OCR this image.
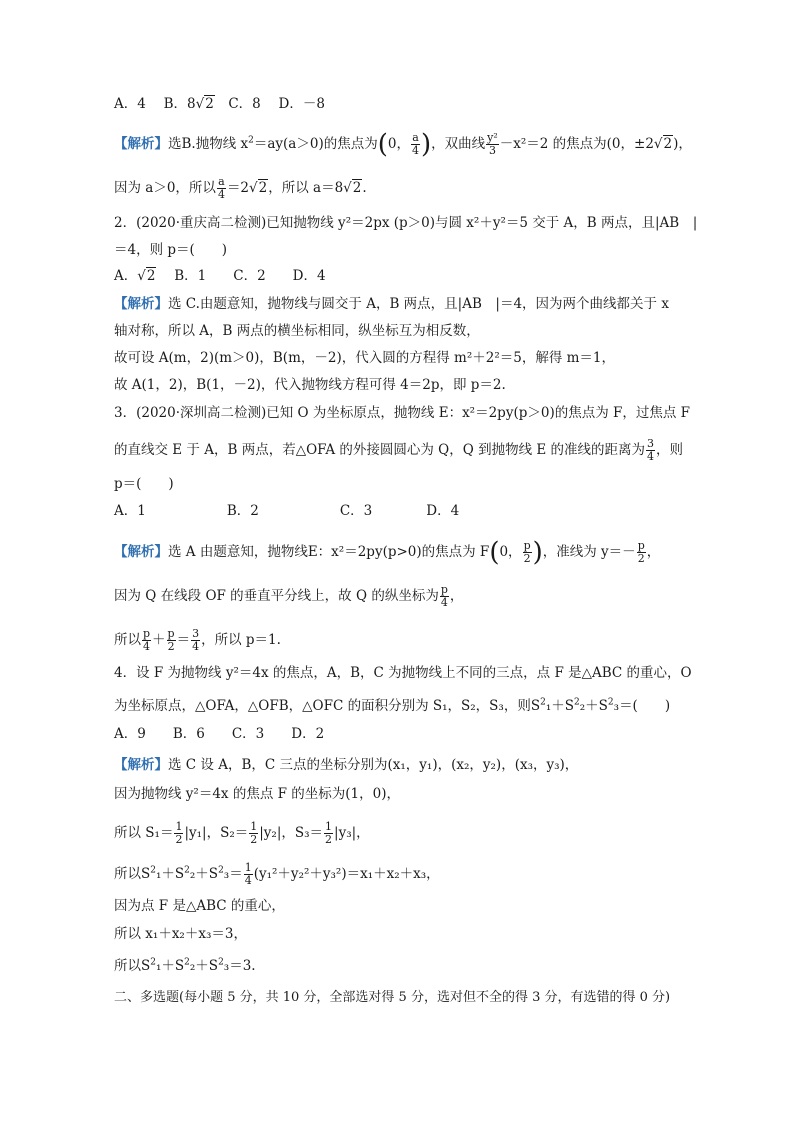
A．4　 B．8√2　C．8　 D．－8
【解析】选B.抛物线 $x^2=ay(a>0)$的焦点为(0， $\frac{a}{4}$ )，双曲线 $\frac{\text{y²}}{3} -x^2=2$ 的焦点为(0，±2√2)，
因为 a＞0，所以 $\frac{a}{4} =2√2$，所以 a＝8√2.
2．(2020·重庆高二检测)已知抛物线 y²＝2px (p＞0)与圆 x²＋y²＝5 交于 A，B 两点，且|AB　|
＝4，则 p＝(　　)
A．√2　 B．1　　C．2　　D．4
【解析】选 C.由题意知，抛物线与圆交于 A，B 两点，且|AB　|＝4，因为两个曲线都关于 x
轴对称，所以 A，B 两点的横坐标相同，纵坐标互为相反数，
故可设 A(m，2)(m＞0)，B(m，－2)，代入圆的方程得 m²＋2²＝5，解得 m＝1，
故 A(1，2)，B(1，－2)，代入抛物线方程可得 4＝2p，即 p＝2.
3．(2020·深圳高二检测)已知 O 为坐标原点，抛物线 E：x²＝2py(p＞0)的焦点为 F，过焦点 F
的直线交 E 于 A，B 两点，若△OFA 的外接圆圆心为 Q，Q 到抛物线 E 的准线的距离为 $\frac{3}{4}$ ，则
p＝(　　)
A．1　　　　　　B．2　　　　　　C．3　　　　D．4
【解析】选 A 由题意知，抛物线E：x²＝2py(p>0)的焦点为 F(0， $\frac{p}{2}$ )，准线为 $y=- \frac{p}{2}$ ，
因为 Q 在线段 OF 的垂直平分线上，故 Q 的纵坐标为 $\frac{p}{4}$ ，
所以 $\frac{p}{4} + \frac{p}{2} = \frac{3}{4}$ ，所以 p＝1.
4．设 F 为抛物线 y²＝4x 的焦点，A，B，C 为抛物线上不同的三点，点 F 是△ABC 的重心，O
为坐标原点，△OFA，△OFB，△OFC 的面积分别为 S₁，S₂，S₃，则$S^2_1+S^2_2+S^2_3=$(　　)
A．9　　B．6　　C．3　　D．2
【解析】选 C 设 A，B，C 三点的坐标分别为(x₁，y₁)，(x₂，y₂)，(x₃，y₃)，
因为抛物线 y²＝4x 的焦点 F 的坐标为(1，0)，
所以 $S_1= \frac{1}{2} |y_1|$，$S_2= \frac{1}{2} |y_2|$，$S_3= \frac{1}{2} |y_3|$，
所以$S^2_1+S^2_2+S^2_3= \frac{1}{4} (y_1^2+y_2^2+y_3^2)=x_1+x_2+x_3$，
因为点 F 是△ABC 的重心，
所以 x₁＋x₂＋x₃＝3，
所以$S^2_1+S^2_2+S^2_3=3$.
二、多选题(每小题 5 分，共 10 分，全部选对得 5 分，选对但不全的得 3 分，有选错的得 0 分)
